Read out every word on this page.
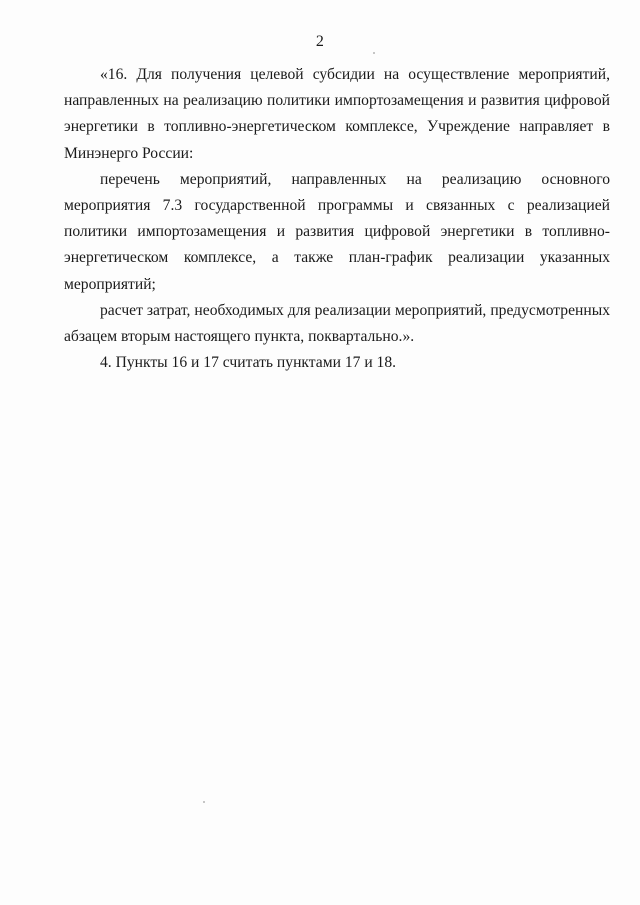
2

«16. Для получения целевой субсидии на осуществление мероприятий, направленных на реализацию политики импортозамещения и развития цифровой энергетики в топливно-энергетическом комплексе, Учреждение направляет в Минэнерго России:

перечень мероприятий, направленных на реализацию основного мероприятия 7.3 государственной программы и связанных с реализацией политики импортозамещения и развития цифровой энергетики в топливно-энергетическом комплексе, а также план-график реализации указанных мероприятий;

расчет затрат, необходимых для реализации мероприятий, предусмотренных абзацем вторым настоящего пункта, поквартально.».

4. Пункты 16 и 17 считать пунктами 17 и 18.
